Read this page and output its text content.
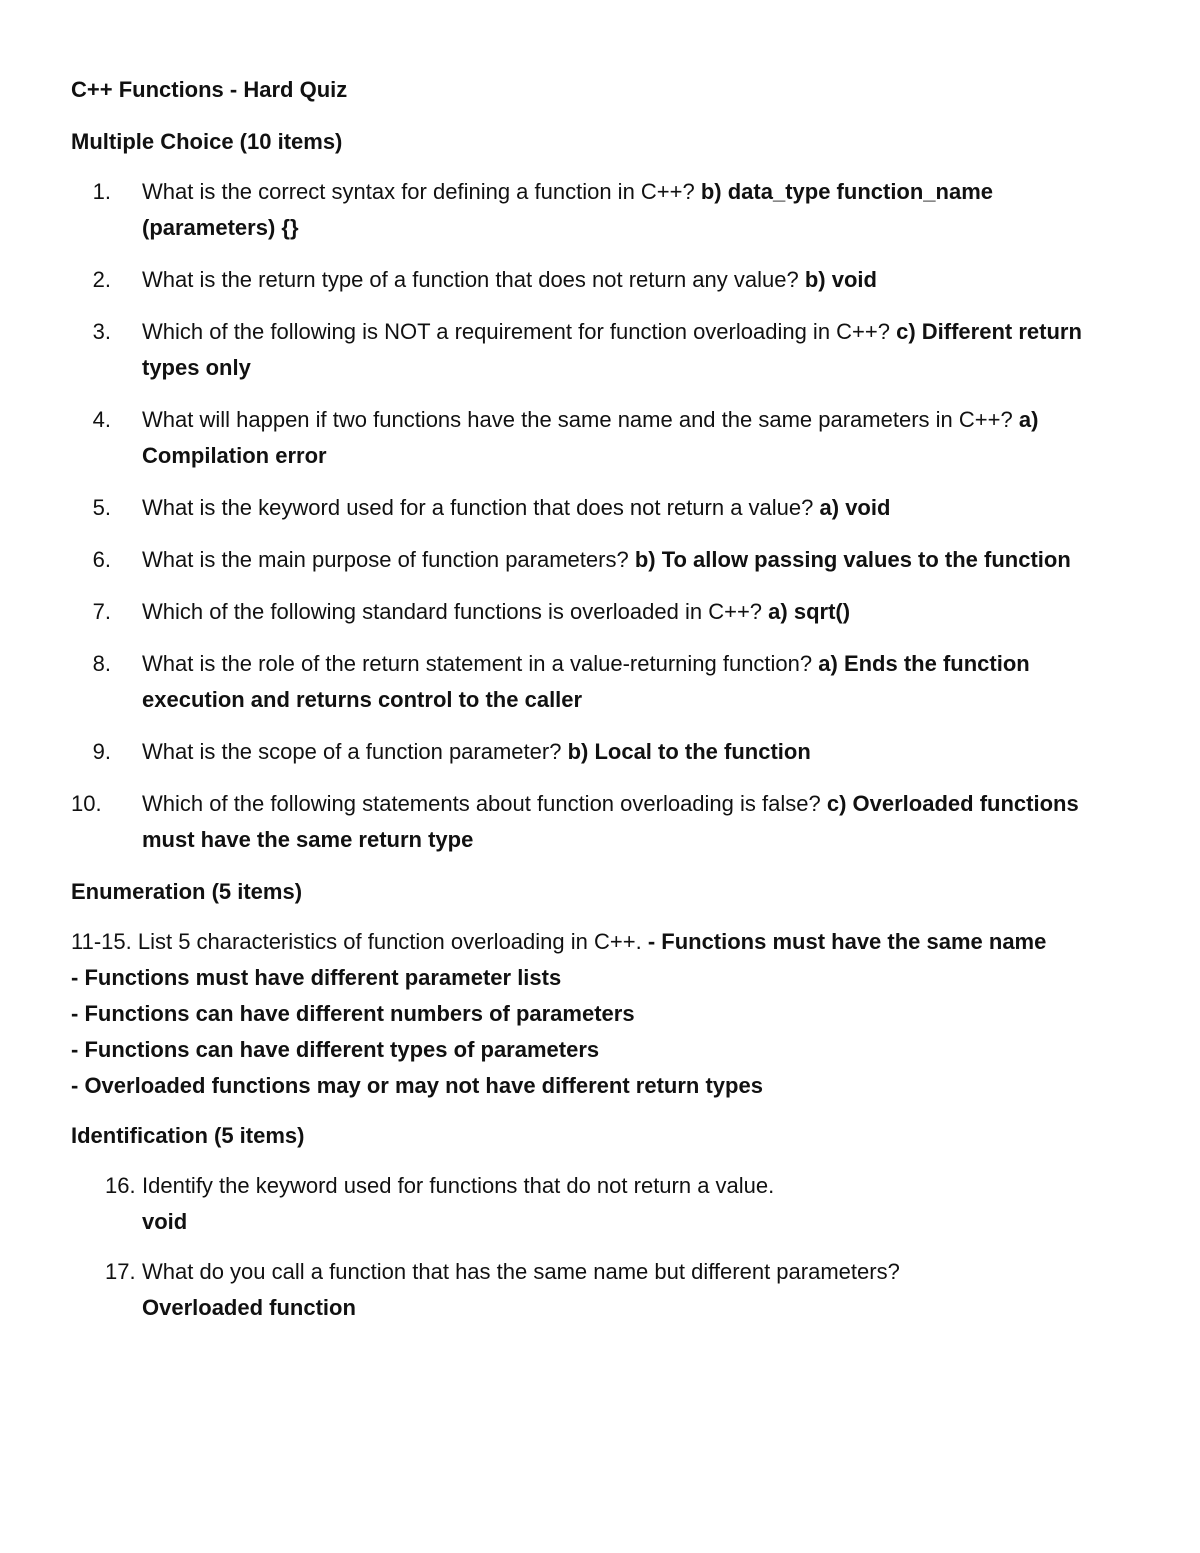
C++ Functions - Hard Quiz
Multiple Choice (10 items)
1.	What is the correct syntax for defining a function in C++? b) data_type function_name (parameters) {}
2.	What is the return type of a function that does not return any value? b) void
3.	Which of the following is NOT a requirement for function overloading in C++? c) Different return types only
4.	What will happen if two functions have the same name and the same parameters in C++? a) Compilation error
5.	What is the keyword used for a function that does not return a value? a) void
6.	What is the main purpose of function parameters? b) To allow passing values to the function
7.	Which of the following standard functions is overloaded in C++? a) sqrt()
8.	What is the role of the return statement in a value-returning function? a) Ends the function execution and returns control to the caller
9.	What is the scope of a function parameter? b) Local to the function
10.	Which of the following statements about function overloading is false? c) Overloaded functions must have the same return type
Enumeration (5 items)
11-15. List 5 characteristics of function overloading in C++. - Functions must have the same name
- Functions must have different parameter lists
- Functions can have different numbers of parameters
- Functions can have different types of parameters
- Overloaded functions may or may not have different return types
Identification (5 items)
16. Identify the keyword used for functions that do not return a value.
void
17. What do you call a function that has the same name but different parameters?
Overloaded function
